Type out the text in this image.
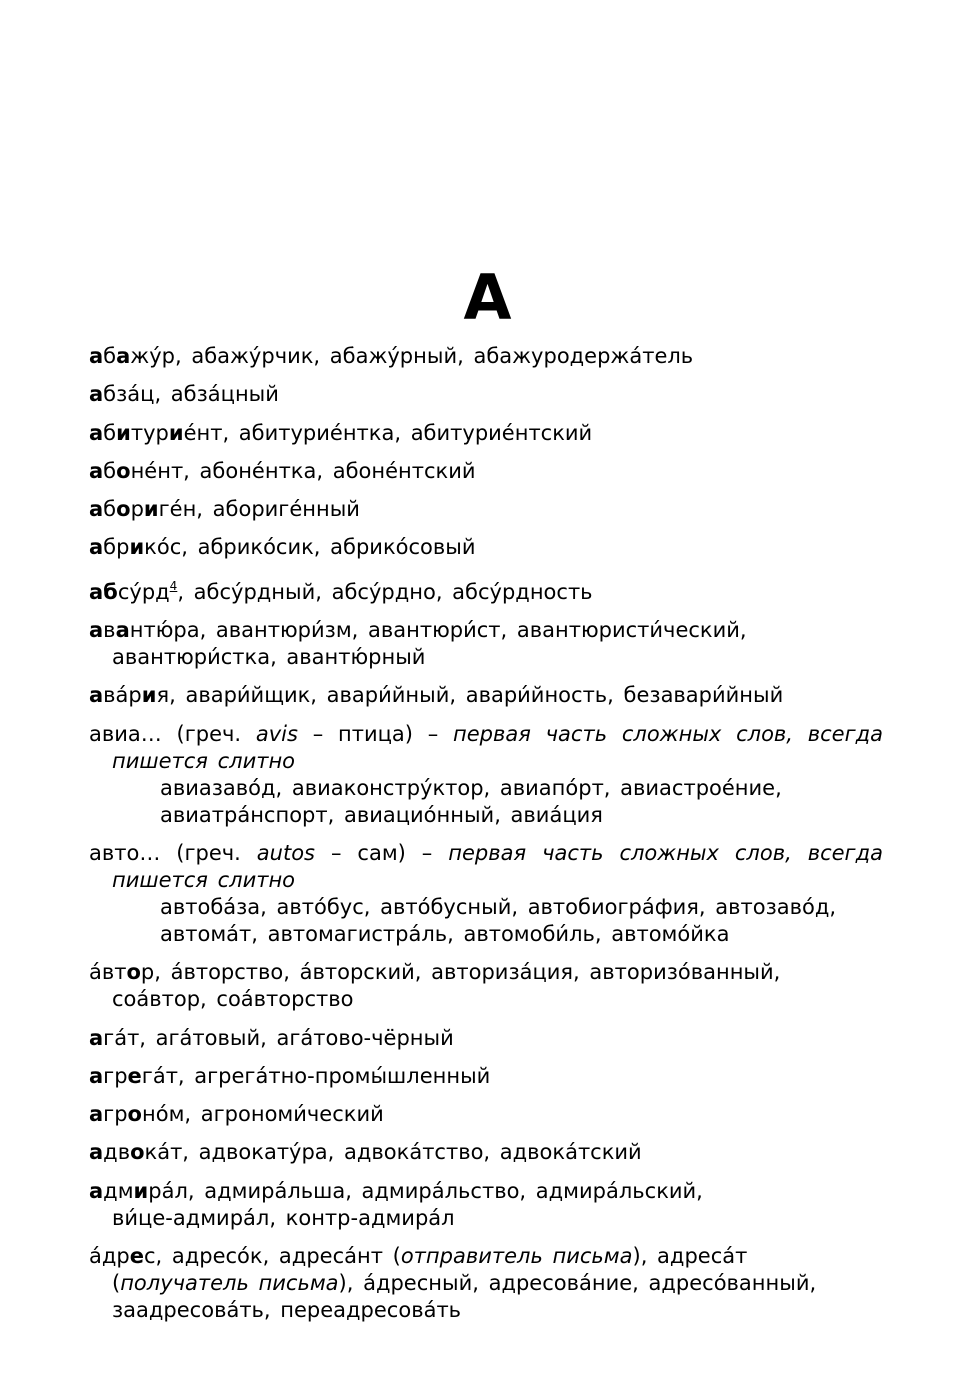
А
абажу́р, абажу́рчик, абажу́рный, абажуродержа́тель
абза́ц, абза́цный
абитурие́нт, абитурие́нтка, абитурие́нтский
абоне́нт, абоне́нтка, абоне́нтский
абориге́н, абориге́нный
абрико́с, абрико́сик, абрико́совый
абсу́рд$^4$, абсу́рдный, абсу́рдно, абсу́рдность
авантю́ра, авантюри́зм, авантюри́ст, авантюристи́ческий,
авантюри́стка, авантю́рный
ава́рия, авари́йщик, авари́йный, авари́йность, безавари́йный
авиа… (греч. avis – птица) – первая часть сложных слов, всегда
пишется слитно
авиазаво́д, авиаконстру́ктор, авиапо́рт, авиастрое́ние,
авиатра́нспорт, авиацио́нный, авиа́ция
авто… (греч. autos – сам) – первая часть сложных слов, всегда
пишется слитно
автоба́за, авто́бус, авто́бусный, автобиогра́фия, автозаво́д,
автома́т, автомагистра́ль, автомоби́ль, автомо́йка
а́втор, а́вторство, а́вторский, авториза́ция, авторизо́ванный,
соа́втор, соа́вторство
ага́т, ага́товый, ага́тово-чёрный
агрега́т, агрега́тно-промы́шленный
агроно́м, агрономи́ческий
адвока́т, адвокату́ра, адвока́тство, адвока́тский
адмира́л, адмира́льша, адмира́льство, адмира́льский,
ви́це-адмира́л, контр-адмира́л
а́дрес, адресо́к, адреса́нт (отправитель письма), адреса́т
(получатель письма), а́дресный, адресова́ние, адресо́ванный,
заадресова́ть, переадресова́ть
